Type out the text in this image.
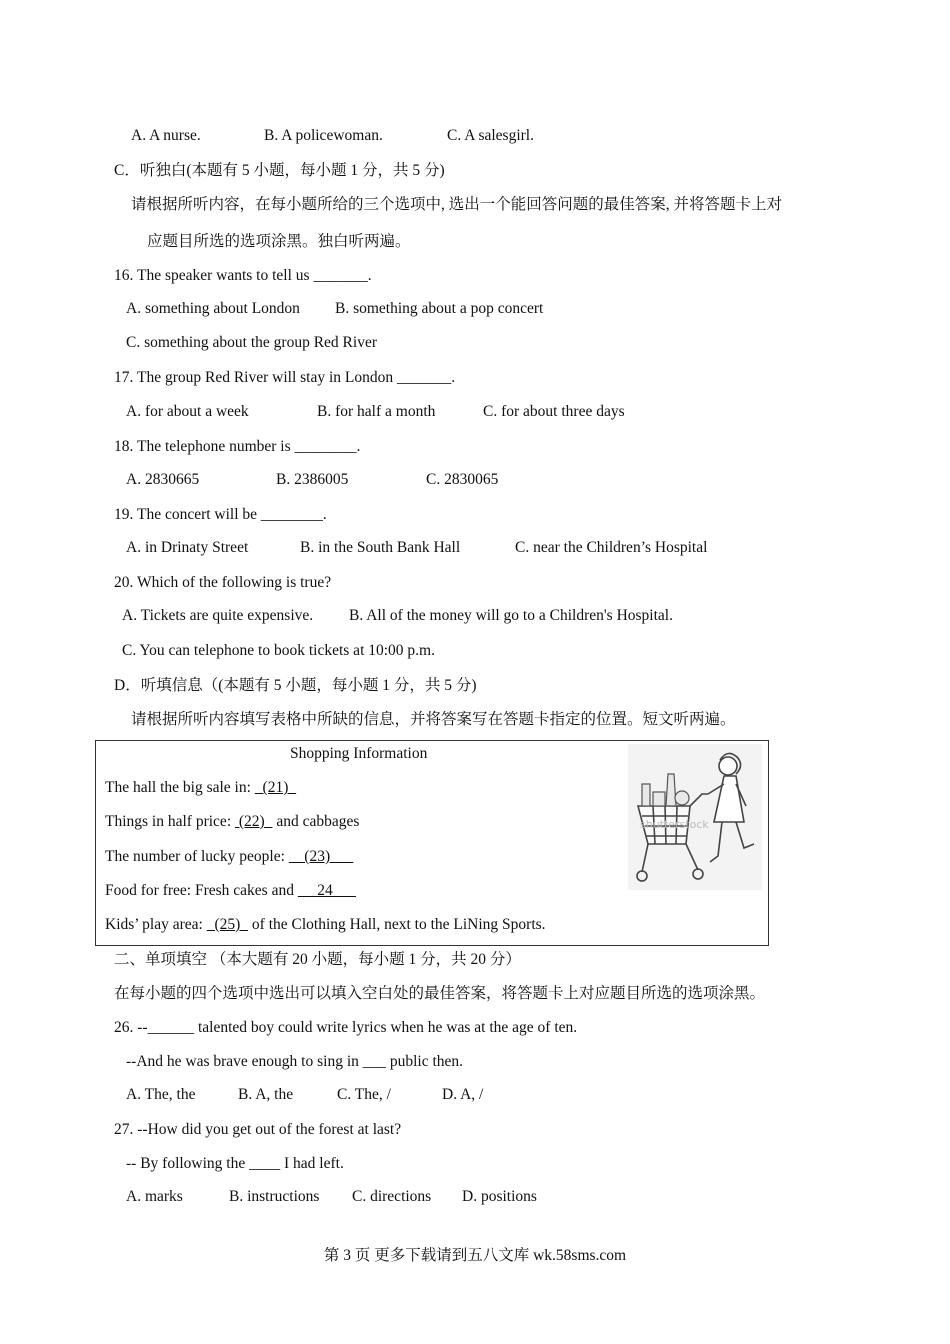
A. A nurse.	B. A policewoman.	C. A salesgirl.
C．听独白(本题有 5 小题，每小题 1 分，共 5 分)
请根据所听内容，在每小题所给的三个选项中, 选出一个能回答问题的最佳答案, 并将答题卡上对
应题目所选的选项涂黑。独白听两遍。
16. The speaker wants to tell us _______.
A. something about London B. something about a pop concert
C. something about the group Red River
17. The group Red River will stay in London _______.
A. for about a week	B. for half a month	C. for about three days
18. The telephone number is ________.
A. 2830665	B. 2386005	C. 2830065
19. The concert will be ________.
A. in Drinaty Street	B. in the South Bank Hall	C. near the Children’s Hospital
20. Which of the following is true?
A. Tickets are quite expensive. B. All of the money will go to a Children's Hospital.
C. You can telephone to book tickets at 10:00 p.m.
D．听填信息（(本题有 5 小题，每小题 1 分，共 5 分)
请根据所听内容填写表格中所缺的信息，并将答案写在答题卡指定的位置。短文听两遍。
Shopping Information
The hall the big sale in:   (21)
Things in half price:  (22)   and cabbages
The number of lucky people:     (23)
Food for free: Fresh cakes and      24
Kids’ play area:   (25)   of the Clothing Hall, next to the LiNing Sports.
shutterstock
二、单项填空 （本大题有 20 小题，每小题 1 分，共 20 分）
在每小题的四个选项中选出可以填入空白处的最佳答案，将答题卡上对应题目所选的选项涂黑。
26. --______ talented boy could write lyrics when he was at the age of ten.
--And he was brave enough to sing in ___ public then.
A. The, the	B. A, the	C. The, /	D. A, /
27. --How did you get out of the forest at last?
-- By following the ____ I had left.
A. marks	B. instructions C. directions D. positions
第 3 页 更多下载请到五八文库 wk.58sms.com
